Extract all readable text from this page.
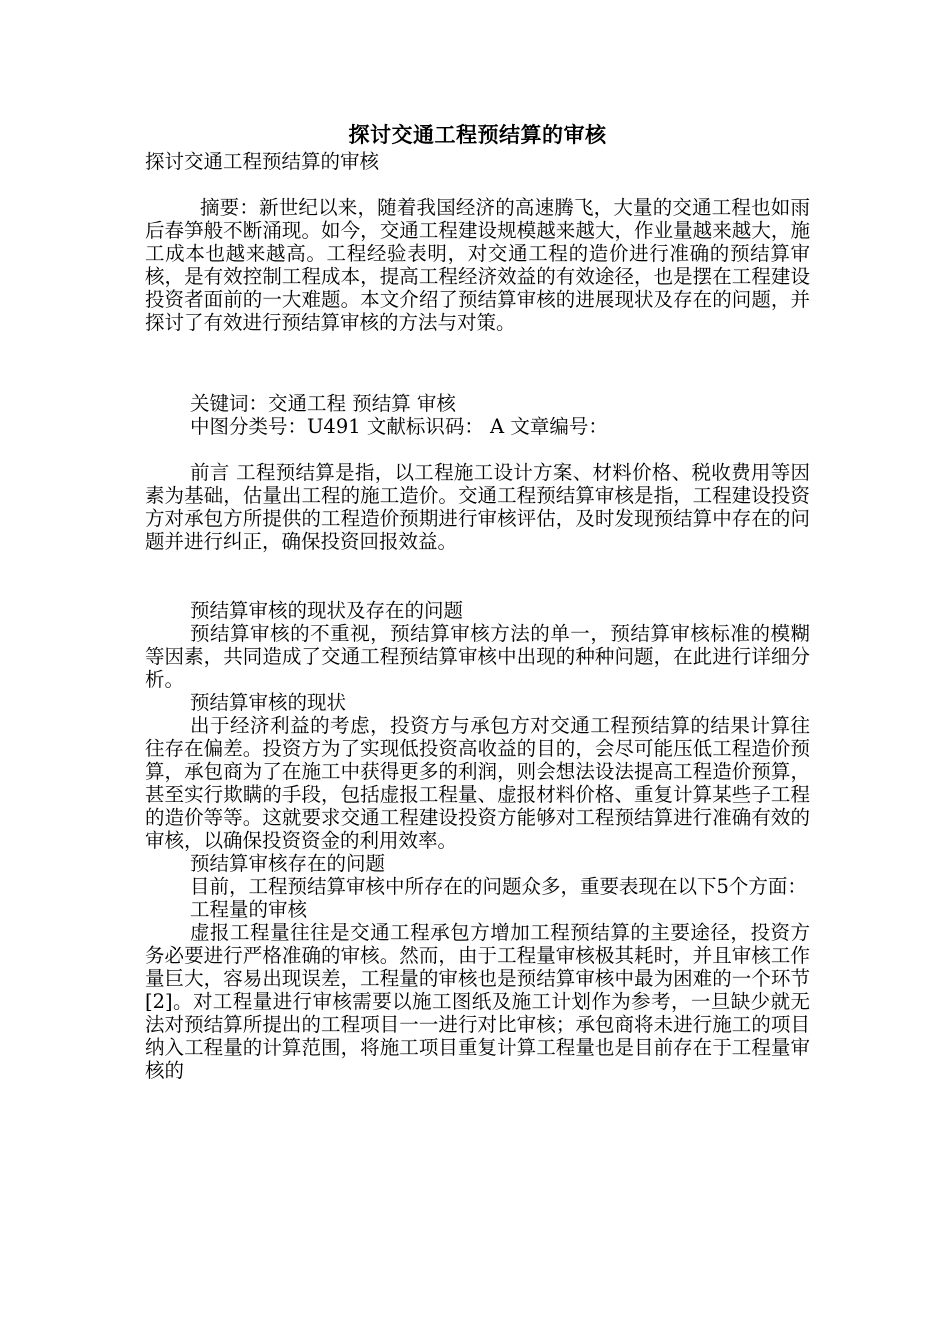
探讨交通工程预结算的审核
探讨交通工程预结算的审核

摘要：新世纪以来，随着我国经济的高速腾飞，大量的交通工程也如雨后春笋般不断涌现。如今，交通工程建设规模越来越大，作业量越来越大，施工成本也越来越高。工程经验表明，对交通工程的造价进行准确的预结算审核，是有效控制工程成本，提高工程经济效益的有效途径，也是摆在工程建设投资者面前的一大难题。本文介绍了预结算审核的进展现状及存在的问题，并探讨了有效进行预结算审核的方法与对策。

关键词：交通工程 预结算 审核

中图分类号：U491 文献标识码： A 文章编号：

前言 工程预结算是指，以工程施工设计方案、材料价格、税收费用等因素为基础，估量出工程的施工造价。交通工程预结算审核是指，工程建设投资方对承包方所提供的工程造价预期进行审核评估，及时发现预结算中存在的问题并进行纠正，确保投资回报效益。

预结算审核的现状及存在的问题

预结算审核的不重视，预结算审核方法的单一，预结算审核标准的模糊等因素，共同造成了交通工程预结算审核中出现的种种问题，在此进行详细分析。

预结算审核的现状

出于经济利益的考虑，投资方与承包方对交通工程预结算的结果计算往往存在偏差。投资方为了实现低投资高收益的目的，会尽可能压低工程造价预算，承包商为了在施工中获得更多的利润，则会想法设法提高工程造价预算，甚至实行欺瞒的手段，包括虚报工程量、虚报材料价格、重复计算某些子工程的造价等等。这就要求交通工程建设投资方能够对工程预结算进行准确有效的审核，以确保投资资金的利用效率。

预结算审核存在的问题

目前，工程预结算审核中所存在的问题众多，重要表现在以下5个方面：

工程量的审核

虚报工程量往往是交通工程承包方增加工程预结算的主要途径，投资方务必要进行严格准确的审核。然而，由于工程量审核极其耗时，并且审核工作量巨大，容易出现误差，工程量的审核也是预结算审核中最为困难的一个环节[2]。对工程量进行审核需要以施工图纸及施工计划作为参考，一旦缺少就无法对预结算所提出的工程项目一一进行对比审核；承包商将未进行施工的项目纳入工程量的计算范围，将施工项目重复计算工程量也是目前存在于工程量审核的
